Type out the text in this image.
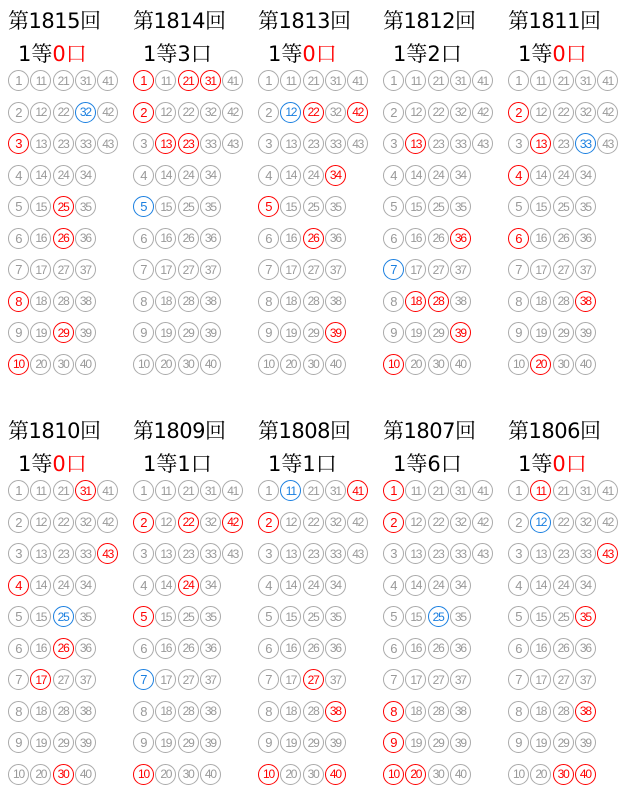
第1815回
1等0口
1	11 21 31 41
2	12 22 32 42
3	13 23 33 43
4	14 24 34
5	15 25 35
6	16 26 36
7	17 27 37
8	18 28 38
9	19 29 39
10 20 30 40
第1814回
1等3口
1	11 21 31 41
2	12 22 32 42
3	13 23 33 43
4	14 24 34
5	15 25 35
6	16 26 36
7	17 27 37
8	18 28 38
9	19 29 39
10 20 30 40
第1813回
1等0口
1	11 21 31 41
2	12 22 32 42
3	13 23 33 43
4	14 24 34
5	15 25 35
6	16 26 36
7	17 27 37
8	18 28 38
9	19 29 39
10 20 30 40
第1812回
1等2口
1	11 21 31 41
2	12 22 32 42
3	13 23 33 43
4	14 24 34
5	15 25 35
6	16 26 36
7	17 27 37
8	18 28 38
9	19 29 39
10 20 30 40
第1811回
1等0口
1	11 21 31 41
2	12 22 32 42
3	13 23 33 43
4	14 24 34
5	15 25 35
6	16 26 36
7	17 27 37
8	18 28 38
9	19 29 39
10 20 30 40
第1810回
1等0口
1	11 21 31 41
2	12 22 32 42
3	13 23 33 43
4	14 24 34
5	15 25 35
6	16 26 36
7	17 27 37
8	18 28 38
9	19 29 39
10 20 30 40
第1809回
1等1口
1	11 21 31 41
2	12 22 32 42
3	13 23 33 43
4	14 24 34
5	15 25 35
6	16 26 36
7	17 27 37
8	18 28 38
9	19 29 39
10 20 30 40
第1808回
1等1口
1	11 21 31 41
2	12 22 32 42
3	13 23 33 43
4	14 24 34
5	15 25 35
6	16 26 36
7	17 27 37
8	18 28 38
9	19 29 39
10 20 30 40
第1807回
1等6口
1	11 21 31 41
2	12 22 32 42
3	13 23 33 43
4	14 24 34
5	15 25 35
6	16 26 36
7	17 27 37
8	18 28 38
9	19 29 39
10 20 30 40
第1806回
1等0口
1	11 21 31 41
2	12 22 32 42
3	13 23 33 43
4	14 24 34
5	15 25 35
6	16 26 36
7	17 27 37
8	18 28 38
9	19 29 39
10 20 30 40
